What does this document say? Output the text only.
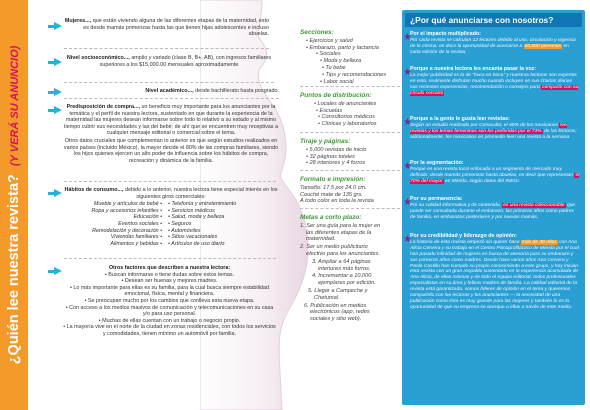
¿Quién lee nuestra revista? (Y VERÁ SU ANUNCIO)

Mujeres..., que están viviendo alguna de las diferentes etapas de la maternidad, esto es desde mamás primerizas hasta las que tienen hijas adolescentes e incluso abuelas.

Nivel socioeconómico..., amplio y variado (clase B, B+, AB), con ingresos familiares superiores a los $15,000.00 mensuales aproximadamente

Nivel académico..., desde bachillerato hasta posgrado.

Predisposición de compra..., un beneficio muy importante para los anunciantes por la temática y el perfil de nuestra lectora, sustentado en que durante la experiencia de la maternidad las mujeres desean informarse sobre todo lo relativo a su estado y al mismo tiempo cubrir sus necesidades y las del bebé; de ahí que se encuentren muy receptivas a cualquier mensaje editorial o comercial sobre el tema.

Otros datos cruciales que complementan lo anterior es que según estudios realizados en varios países (incluido México), la mayor decide el 80% de las compras familiares, siendo los hijos quienes ejercen un alto poder de influencia sobre los hábitos de compra, recreación y dinámica de la familia.

Hábitos de consumo..., debido a lo anterior, nuestra lectora tiene especial interés en los siguientes giros comerciales:

Mueble y artículos de bebé •
Ropa y accesorios infantiles •
Educación •
Eventos sociales •
Remodelación y decoración •
Viviendas familiares •
Alimentos y bebidas •
• Telefonía y entretenimiento
• Servicios médicos
• Salud, moda y belleza
• Seguros
• Automóviles
• Sitios vacacionales
• Artículos de uso diario

Otros factores que describen a nuestra lectora:

• Buscan informarse o tiene dudas sobre estos temas.

• Desean ser buenas y mejores madres.

• Lo más importante para ellas es su familia, para la cual busca siempre estabilidad emocional, física, mental y financiera.

• Se preocupan mucho por los cambios que conlleva esta nueva etapa.

• Con acceso a los medios masivos de comunicación y telecomunicaciones en su casa y/o para uso personal.

• Muchas de ellas cuentan con un trabajo o negocio propio.

• La mayoría vive en el norte de la ciudad en zonas residenciales, con todos los servicios y comodidades, tienen mínimo un automóvil por familia.

Secciones:
• Ejercicios y salud
• Embarazo, parto y lactancia
• Sociales
• Moda y belleza
• Tu bebe
• Tips y recomendaciones
• Labor social
Puntos de distribución:
• Locales de anunciantes
• Escuelas
• Consultorios médicos
• Clínicas y laboratorios
Tiraje y páginas:
• 5,000 revistas de inicio
• 32 páginas totales
• 28 interiores y 4 forros
Formato e impresión:
Tamaño: 17.5 por 24.0 cm.
Couché mate de 135 grs.
A todo color en toda la revista
Metas a corto plazo:
1. Ser una guía para la mujer en las diferentes etapas de la maternidad.
2. Ser un medio publicitario efectivo para los anunciantes.
3. Ampliar a 64 páginas interiores más forros.
4. Incrementar a 10,000 ejemplares por edición.
5. Llegar a Campeche y Chetumal.
6. Publicación en medios electrónicos (app, redes sociales y sitio web).
¿Por qué anunciarse con nosotros?
Por el impacto multiplicado:
Por cada revista se calculan 12 lectores debido al uso, circulación y vigencia de la misma; es decir la oportunidad de acercarse a 60,000 personas en cada edición de la revista.
Porque a nuestra lectora les encanta pasar la voz:
La mejor publicidad es la de "boca en boca" y nuestras lectoras son expertas en esto, realmente disfrutan mucho cuando incluyen en sus charlas diarias sus recientes experiencias, recomendación o consejos para compartir con su círculo cercano.
Porque a la gente le gusta leer revistas:
Según un estudio realizado por Conaculta, el 40% de los mexicanos lee revistas y los temas femeninos son los preferidos por el 73% de las lectoras; adicionalmente, los mexicanos en promedio leen una revista a la semana.
Por la segmentación:
Porque es una revista local enfocada a un segmento de mercado muy definido: desde mamás primerizas hasta abuelas, es decir que representan el 70% del mayor en Mérida, según datos del INEGI.
Por su permanencia:
Por su calidad informativa y de contenido, es una revista coleccionable que puede ser consultada durante el embarazo, las primeras años como padres de familia, en embarazos posteriores y por nuevas mamás.
Por su credibilidad y liderazgo de opinión:
La historia de esta revista empezó sin querer hace más de 40 años con Ana Alicia Cervera y su trabajo en el Centro Psicoprofiláctico de Mérida por el cual han pasado infinidad de mujeres en busca de asesoría para su embarazo y sus primeros años como madres. Desde hace varios años Ana Cervera y Paola Castillo han sumado su propio conocimiento a este grupo, y hoy inician esta revista con un gran respaldo sustentado en la experiencia acumulada de Ana Alicia, de ellas mismas y de todo el equipo editorial, todos profesionales especialistas en su área y felices madres de familia. La calidad editorial de la revista está garantizada, somos líderes de opinión en el tema y queremos compartirlo con las lectoras y los anunciantes — la necesidad de una publicación como ésta es muy grande para las mujeres y también lo es la oportunidad de que su empresa se acerque a ellas a través de este medio.
